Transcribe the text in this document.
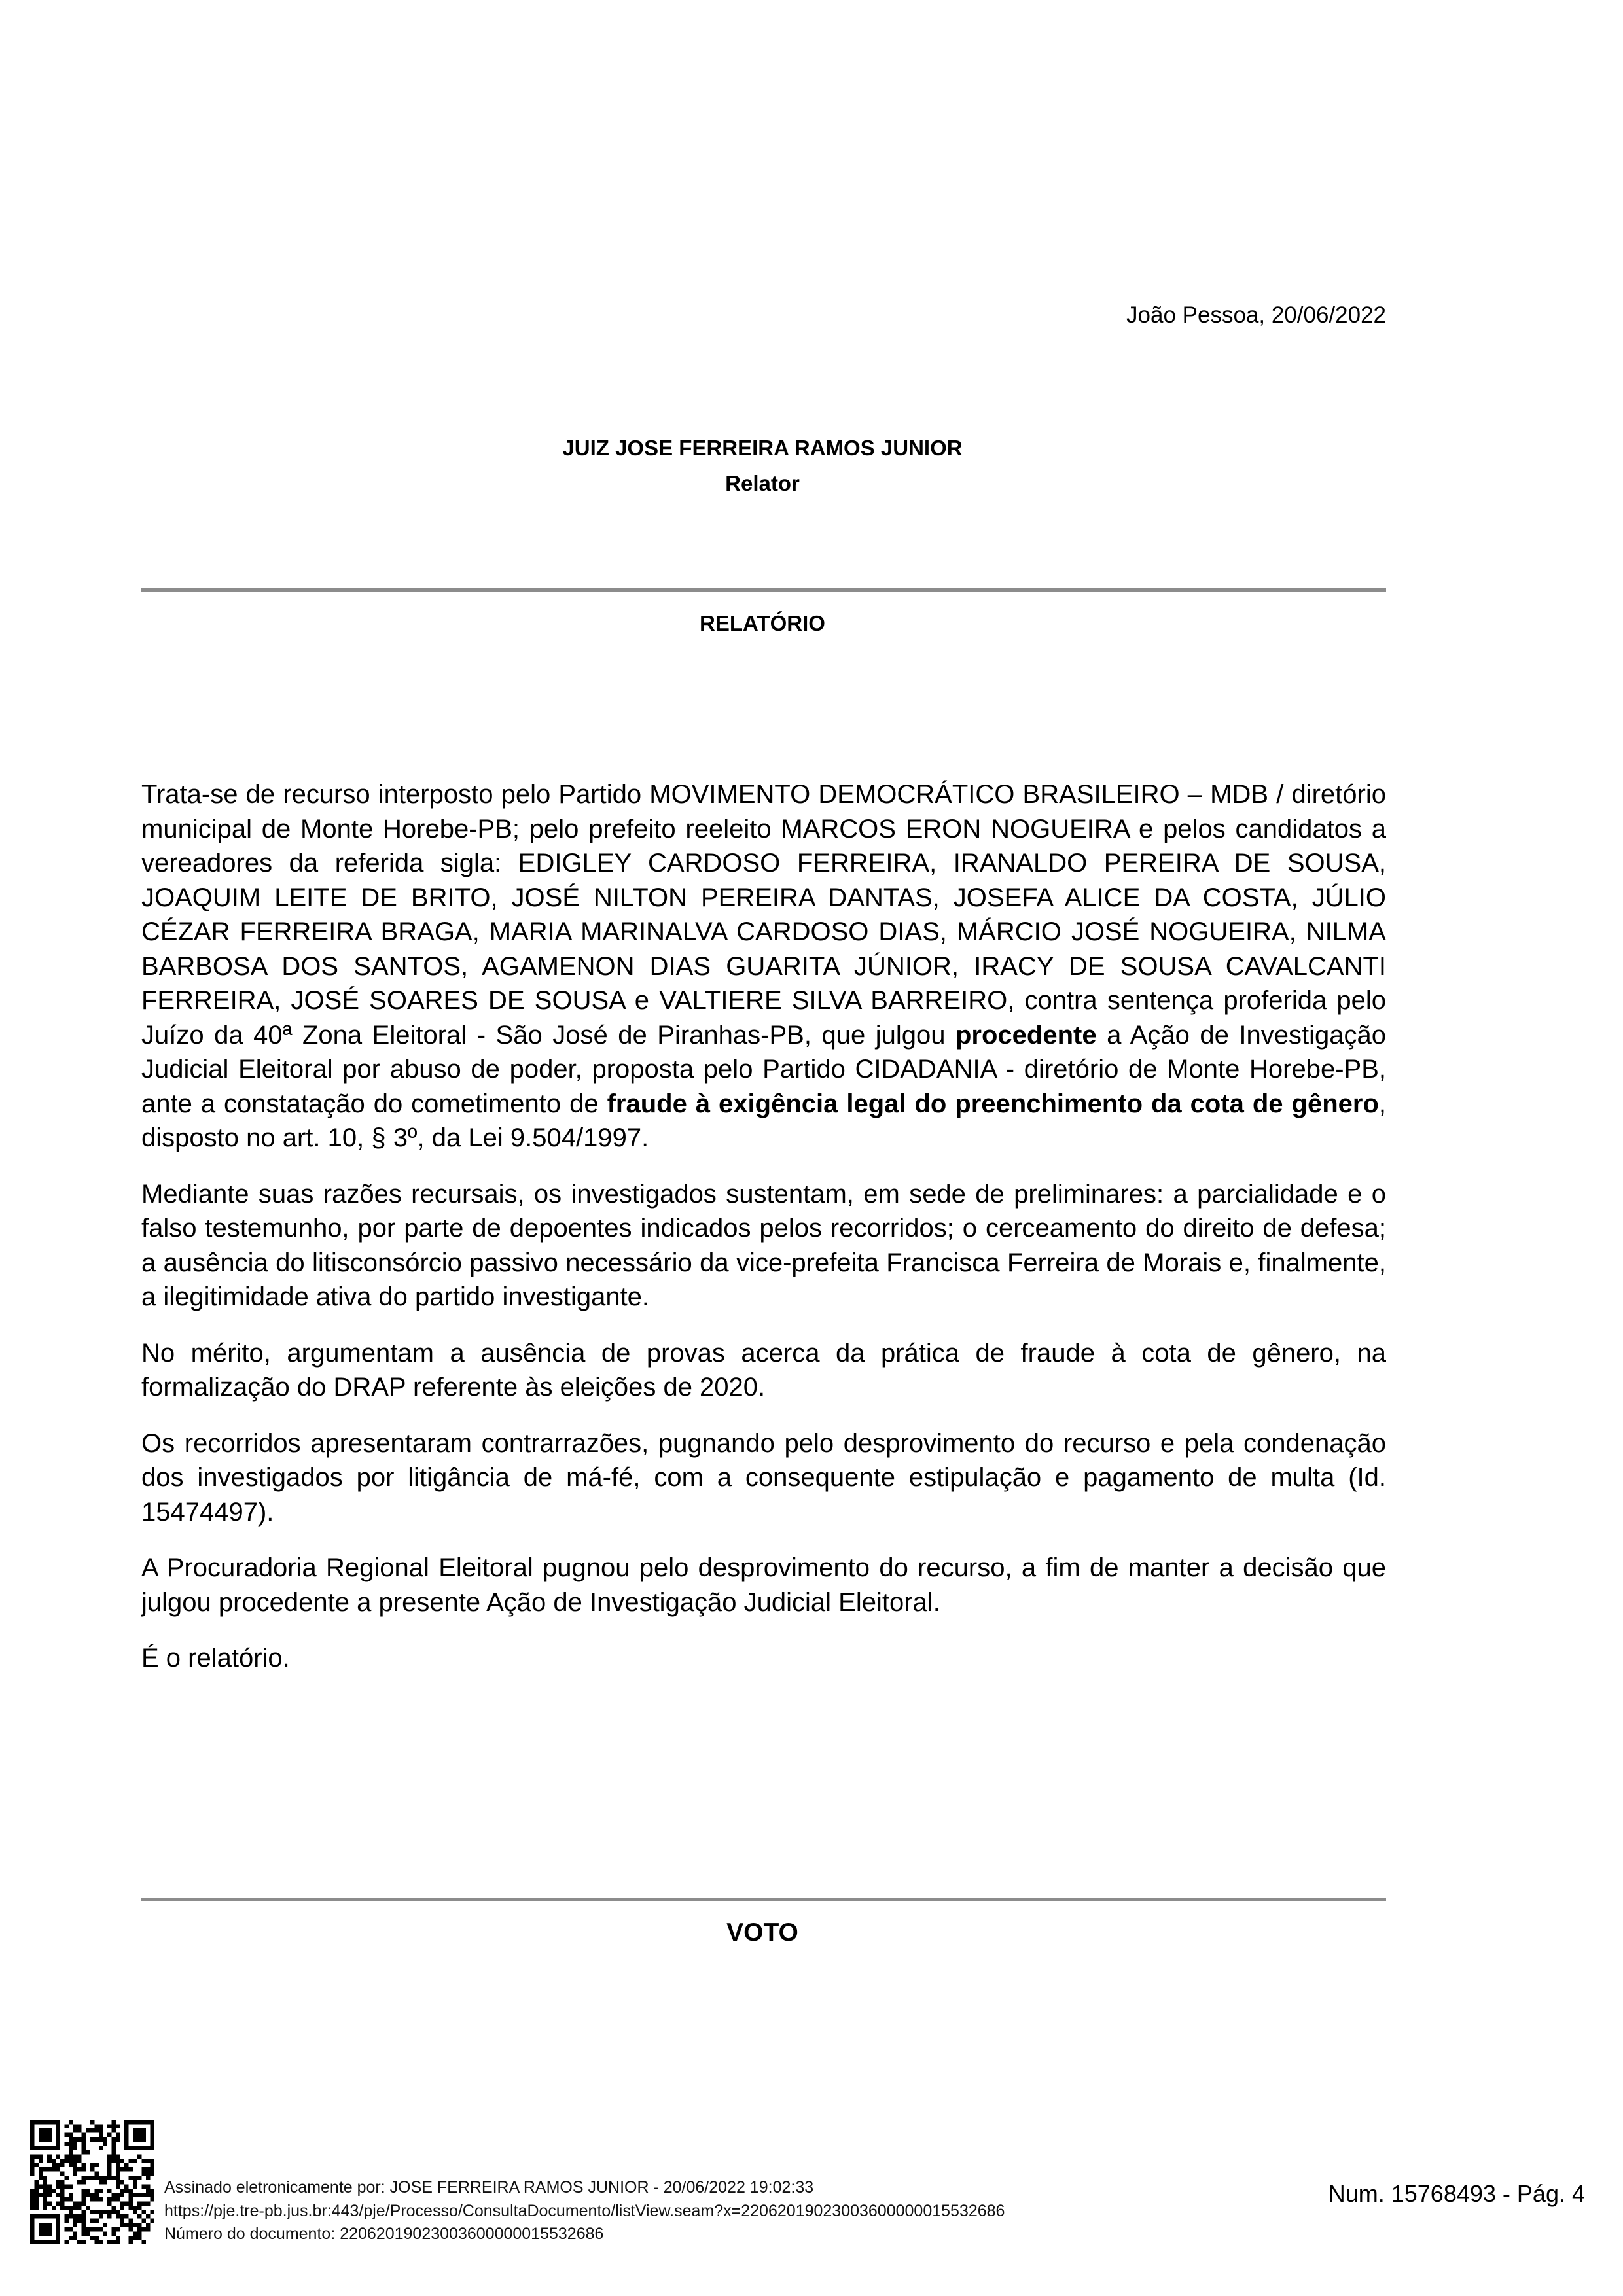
João Pessoa, 20/06/2022
JUIZ JOSE FERREIRA RAMOS JUNIOR
Relator
RELATÓRIO

Trata-se de recurso interposto pelo Partido MOVIMENTO DEMOCRÁTICO BRASILEIRO – MDB / diretório municipal de Monte Horebe-PB; pelo prefeito reeleito MARCOS ERON NOGUEIRA e pelos candidatos a vereadores da referida sigla: EDIGLEY CARDOSO FERREIRA, IRANALDO PEREIRA DE SOUSA, JOAQUIM LEITE DE BRITO, JOSÉ NILTON PEREIRA DANTAS, JOSEFA ALICE DA COSTA, JÚLIO CÉZAR FERREIRA BRAGA, MARIA MARINALVA CARDOSO DIAS, MÁRCIO JOSÉ NOGUEIRA, NILMA BARBOSA DOS SANTOS, AGAMENON DIAS GUARITA JÚNIOR, IRACY DE SOUSA CAVALCANTI FERREIRA, JOSÉ SOARES DE SOUSA e VALTIERE SILVA BARREIRO, contra sentença proferida pelo Juízo da 40ª Zona Eleitoral - São José de Piranhas-PB, que julgou procedente a Ação de Investigação Judicial Eleitoral por abuso de poder, proposta pelo Partido CIDADANIA - diretório de Monte Horebe-PB, ante a constatação do cometimento de fraude à exigência legal do preenchimento da cota de gênero, disposto no art. 10, § 3º, da Lei 9.504/1997.

Mediante suas razões recursais, os investigados sustentam, em sede de preliminares: a parcialidade e o falso testemunho, por parte de depoentes indicados pelos recorridos; o cerceamento do direito de defesa; a ausência do litisconsórcio passivo necessário da vice-prefeita Francisca Ferreira de Morais e, finalmente, a ilegitimidade ativa do partido investigante.

No mérito, argumentam a ausência de provas acerca da prática de fraude à cota de gênero, na formalização do DRAP referente às eleições de 2020.

Os recorridos apresentaram contrarrazões, pugnando pelo desprovimento do recurso e pela condenação dos investigados por litigância de má-fé, com a consequente estipulação e pagamento de multa (Id. 15474497).

A Procuradoria Regional Eleitoral pugnou pelo desprovimento do recurso, a fim de manter a decisão que julgou procedente a presente Ação de Investigação Judicial Eleitoral.

É o relatório.

VOTO
Assinado eletronicamente por: JOSE FERREIRA RAMOS JUNIOR - 20/06/2022 19:02:33
https://pje.tre-pb.jus.br:443/pje/Processo/ConsultaDocumento/listView.seam?x=22062019023003600000015532686
Número do documento: 22062019023003600000015532686
Num. 15768493 - Pág. 4
